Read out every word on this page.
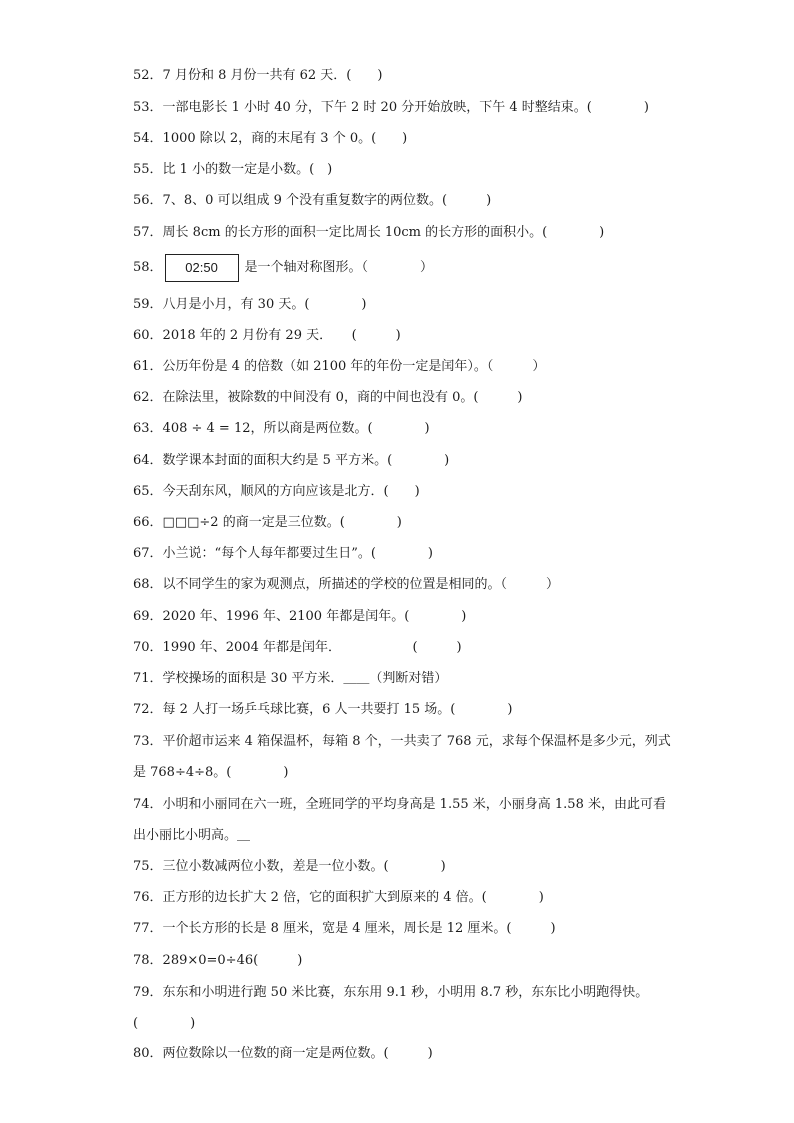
52．7 月份和 8 月份一共有 62 天．(　　)
53．一部电影长 1 小时 40 分，下午 2 时 20 分开始放映，下午 4 时整结束。(　　　　)
54．1000 除以 2，商的末尾有 3 个 0。(　　)
55．比 1 小的数一定是小数。(　)
56．7、8、0 可以组成 9 个没有重复数字的两位数。(　　　)
57．周长 8cm 的长方形的面积一定比周长 10cm 的长方形的面积小。(　　　　)
58． 02:50 是一个轴对称图形。（　　　　）
59．八月是小月，有 30 天。(　　　　)
60．2018 年的 2 月份有 29 天．　　(　　　)
61．公历年份是 4 的倍数（如 2100 年的年份一定是闰年）。（　　　）
62．在除法里，被除数的中间没有 0，商的中间也没有 0。(　　　)
63．408 ÷ 4 = 12，所以商是两位数。(　　　　)
64．数学课本封面的面积大约是 5 平方米。(　　　　)
65．今天刮东风，顺风的方向应该是北方．(　　)
66．□□□÷2 的商一定是三位数。(　　　　)
67．小兰说：“每个人每年都要过生日”。(　　　　)
68．以不同学生的家为观测点，所描述的学校的位置是相同的。（　　　）
69．2020 年、1996 年、2100 年都是闰年。(　　　　)
70．1990 年、2004 年都是闰年．　　　　　　(　　　)
71．学校操场的面积是 30 平方米．＿＿（判断对错）
72．每 2 人打一场乒乓球比赛，6 人一共要打 15 场。(　　　　)
73．平价超市运来 4 箱保温杯，每箱 8 个，一共卖了 768 元，求每个保温杯是多少元，列式是 768÷4÷8。(　　　　)
74．小明和小丽同在六一班，全班同学的平均身高是 1.55 米，小丽身高 1.58 米，由此可看出小丽比小明高。＿
75．三位小数减两位小数，差是一位小数。(　　　　)
76．正方形的边长扩大 2 倍，它的面积扩大到原来的 4 倍。(　　　　)
77．一个长方形的长是 8 厘米，宽是 4 厘米，周长是 12 厘米。(　　　)
78．289×0=0÷46(　　　)
79．东东和小明进行跑 50 米比赛，东东用 9.1 秒，小明用 8.7 秒，东东比小明跑得快。(　　　　)
80．两位数除以一位数的商一定是两位数。(　　　)
